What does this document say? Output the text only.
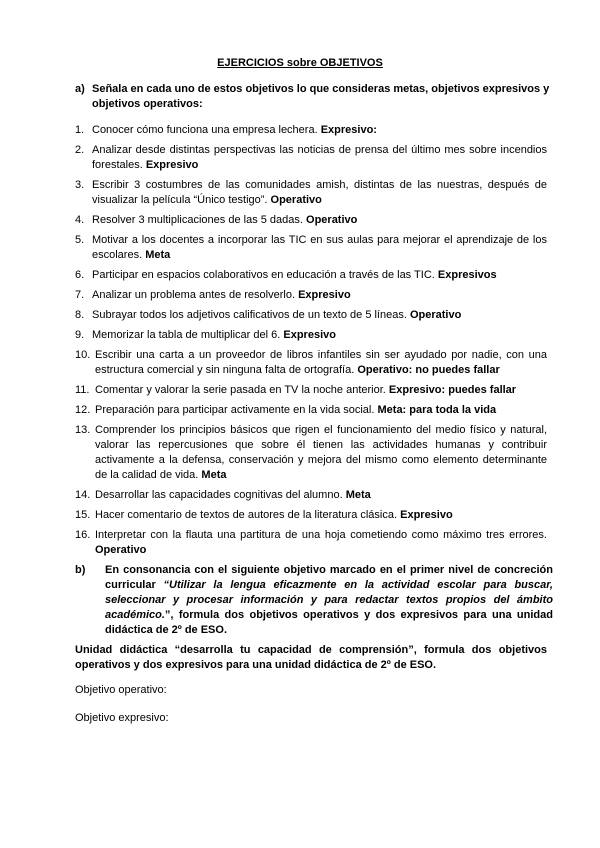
EJERCICIOS sobre OBJETIVOS
a) Señala en cada uno de estos objetivos lo que consideras metas, objetivos expresivos y objetivos operativos:
1. Conocer cómo funciona una empresa lechera. Expresivo:
2. Analizar desde distintas perspectivas las noticias de prensa del último mes sobre incendios forestales. Expresivo
3. Escribir 3 costumbres de las comunidades amish, distintas de las nuestras, después de visualizar la película “Único testigo”. Operativo
4. Resolver 3 multiplicaciones de las 5 dadas. Operativo
5. Motivar a los docentes a incorporar las TIC en sus aulas para mejorar el aprendizaje de los escolares. Meta
6. Participar en espacios colaborativos en educación a través de las TIC. Expresivos
7. Analizar un problema antes de resolverlo. Expresivo
8. Subrayar todos los adjetivos calificativos de un texto de 5 líneas. Operativo
9. Memorizar la tabla de multiplicar del 6. Expresivo
10. Escribir una carta a un proveedor de libros infantiles sin ser ayudado por nadie, con una estructura comercial y sin ninguna falta de ortografía. Operativo: no puedes fallar
11. Comentar y valorar la serie pasada en TV la noche anterior. Expresivo: puedes fallar
12. Preparación para participar activamente en la vida social. Meta: para toda la vida
13. Comprender los principios básicos que rigen el funcionamiento del medio físico y natural, valorar las repercusiones que sobre él tienen las actividades humanas y contribuir activamente a la defensa, conservación y mejora del mismo como elemento determinante de la calidad de vida. Meta
14. Desarrollar las capacidades cognitivas del alumno. Meta
15. Hacer comentario de textos de autores de la literatura clásica. Expresivo
16. Interpretar con la flauta una partitura de una hoja cometiendo como máximo tres errores. Operativo
b)	En consonancia con el siguiente objetivo marcado en el primer nivel de concreción curricular “Utilizar la lengua eficazmente en la actividad escolar para buscar, seleccionar y procesar información y para redactar textos propios del ámbito académico.”, formula dos objetivos operativos y dos expresivos para una unidad didáctica de 2º de ESO.
Unidad didáctica “desarrolla tu capacidad de comprensión”, formula dos objetivos operativos y dos expresivos para una unidad didáctica de 2º de ESO.
Objetivo operativo:
Objetivo expresivo:
